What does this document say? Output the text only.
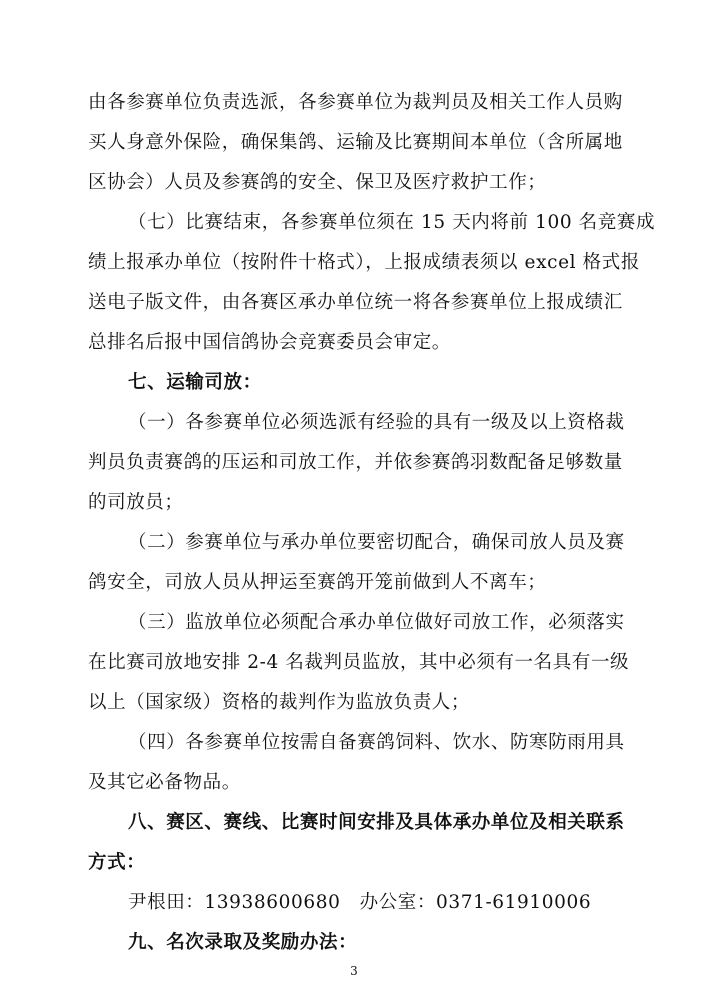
由各参赛单位负责选派，各参赛单位为裁判员及相关工作人员购
买人身意外保险，确保集鸽、运输及比赛期间本单位（含所属地
区协会）人员及参赛鸽的安全、保卫及医疗救护工作；
（七）比赛结束，各参赛单位须在 15 天内将前 100 名竞赛成
绩上报承办单位（按附件十格式），上报成绩表须以 excel 格式报
送电子版文件，由各赛区承办单位统一将各参赛单位上报成绩汇
总排名后报中国信鸽协会竞赛委员会审定。
七、运输司放：
（一）各参赛单位必须选派有经验的具有一级及以上资格裁
判员负责赛鸽的压运和司放工作，并依参赛鸽羽数配备足够数量
的司放员；
（二）参赛单位与承办单位要密切配合，确保司放人员及赛
鸽安全，司放人员从押运至赛鸽开笼前做到人不离车；
（三）监放单位必须配合承办单位做好司放工作，必须落实
在比赛司放地安排 2-4 名裁判员监放，其中必须有一名具有一级
以上（国家级）资格的裁判作为监放负责人；
（四）各参赛单位按需自备赛鸽饲料、饮水、防寒防雨用具
及其它必备物品。
八、赛区、赛线、比赛时间安排及具体承办单位及相关联系
方式：
尹根田：13938600680　办公室：0371-61910006
九、名次录取及奖励办法：
3
